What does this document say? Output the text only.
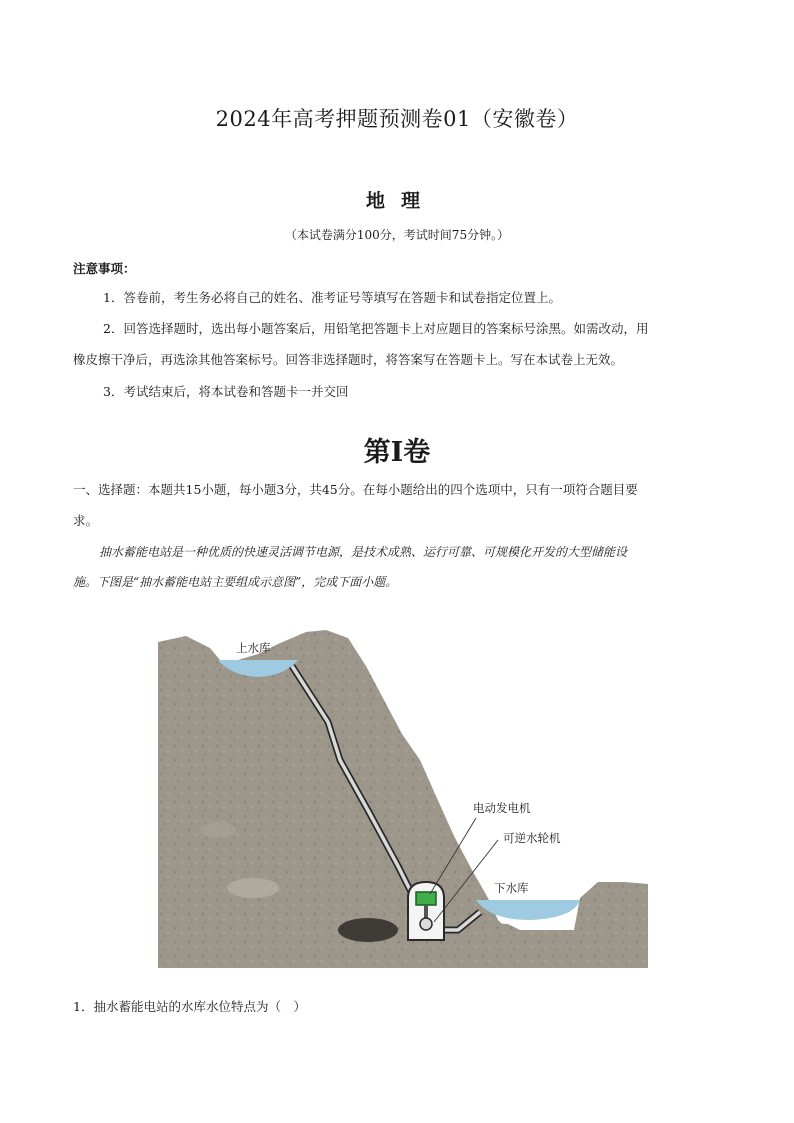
2024年高考押题预测卷01（安徽卷）
地理
（本试卷满分100分，考试时间75分钟。）
注意事项：
1．答卷前，考生务必将自己的姓名、准考证号等填写在答题卡和试卷指定位置上。
2．回答选择题时，选出每小题答案后，用铅笔把答题卡上对应题目的答案标号涂黑。如需改动，用
橡皮擦干净后，再选涂其他答案标号。回答非选择题时，将答案写在答题卡上。写在本试卷上无效。
3．考试结束后，将本试卷和答题卡一并交回
第Ⅰ卷
一、选择题：本题共15小题，每小题3分，共45分。在每小题给出的四个选项中，只有一项符合题目要
求。
抽水蓄能电站是一种优质的快速灵活调节电源，是技术成熟、运行可靠、可规模化开发的大型储能设
施。下图是“抽水蓄能电站主要组成示意图”，完成下面小题。
上水库
电动发电机
可逆水轮机
下水库
1．抽水蓄能电站的水库水位特点为（　）
